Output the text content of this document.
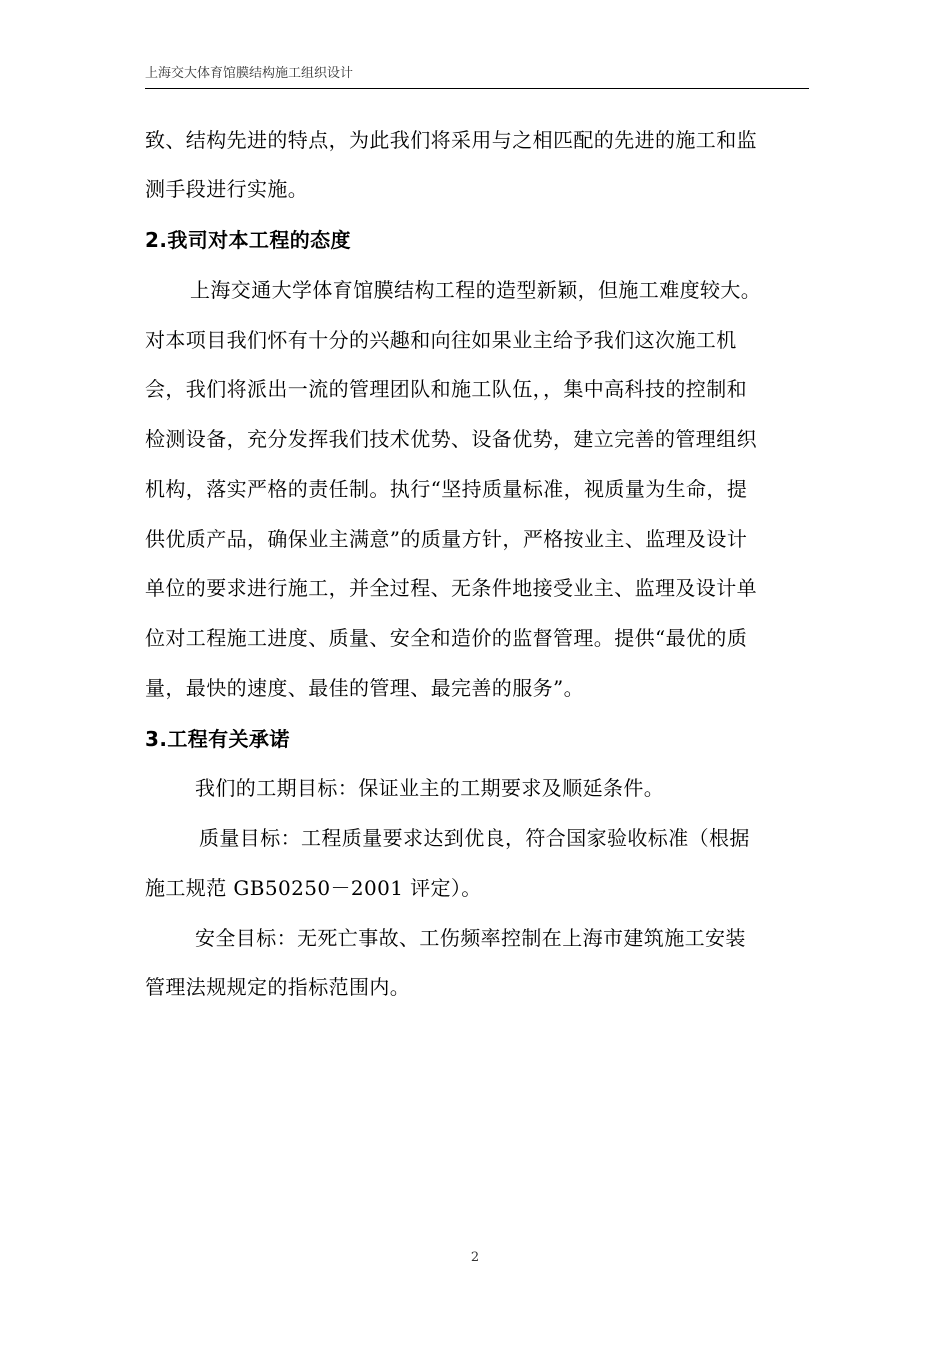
上海交大体育馆膜结构施工组织设计
致、结构先进的特点，为此我们将采用与之相匹配的先进的施工和监
测手段进行实施。
2.我司对本工程的态度
上海交通大学体育馆膜结构工程的造型新颖，但施工难度较大。
对本项目我们怀有十分的兴趣和向往如果业主给予我们这次施工机
会，我们将派出一流的管理团队和施工队伍，，集中高科技的控制和
检测设备，充分发挥我们技术优势、设备优势，建立完善的管理组织
机构，落实严格的责任制。执行“坚持质量标准，视质量为生命，提
供优质产品，确保业主满意”的质量方针，严格按业主、监理及设计
单位的要求进行施工，并全过程、无条件地接受业主、监理及设计单
位对工程施工进度、质量、安全和造价的监督管理。提供“最优的质
量，最快的速度、最佳的管理、最完善的服务”。
3.工程有关承诺
我们的工期目标：保证业主的工期要求及顺延条件。
质量目标：工程质量要求达到优良，符合国家验收标准（根据
施工规范 GB50250－2001 评定）。
安全目标：无死亡事故、工伤频率控制在上海市建筑施工安装
管理法规规定的指标范围内。
2
